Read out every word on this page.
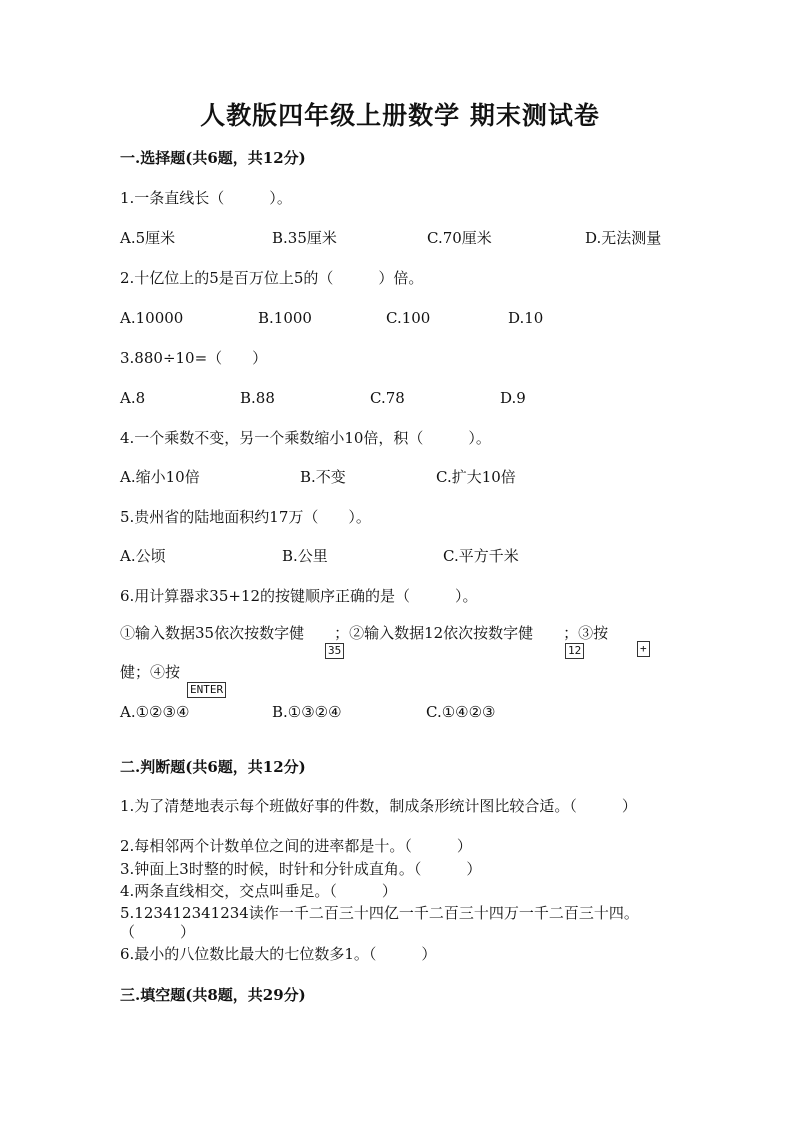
人教版四年级上册数学 期末测试卷
一.选择题(共6题，共12分)
1.一条直线长（　　　）。
A.5厘米	B.35厘米	C.70厘米	D.无法测量
2.十亿位上的5是百万位上5的（　　　）倍。
A.10000	B.1000	C.100	D.10
3.880÷10=（　　）
A.8	B.88	C.78	D.9
4.一个乘数不变，另一个乘数缩小10倍，积（　　　）。
A.缩小10倍	B.不变	C.扩大10倍
5.贵州省的陆地面积约17万（　　）。
A.公顷	B.公里	C.平方千米
6.用计算器求35+12的按键顺序正确的是（　　　）。
①输入数据35依次按数字健　　；②输入数据12依次按数字健　　；③按
35	12	+
健；④按
ENTER
A.①②③④	B.①③②④	C.①④②③
二.判断题(共6题，共12分)
1.为了清楚地表示每个班做好事的件数，制成条形统计图比较合适。（　　　）
2.每相邻两个计数单位之间的进率都是十。（　　　）
3.钟面上3时整的时候，时针和分针成直角。（　　　）
4.两条直线相交，交点叫垂足。（　　　）
5.123412341234读作一千二百三十四亿一千二百三十四万一千二百三十四。
（　　　）
6.最小的八位数比最大的七位数多1。（　　　）
三.填空题(共8题，共29分)
